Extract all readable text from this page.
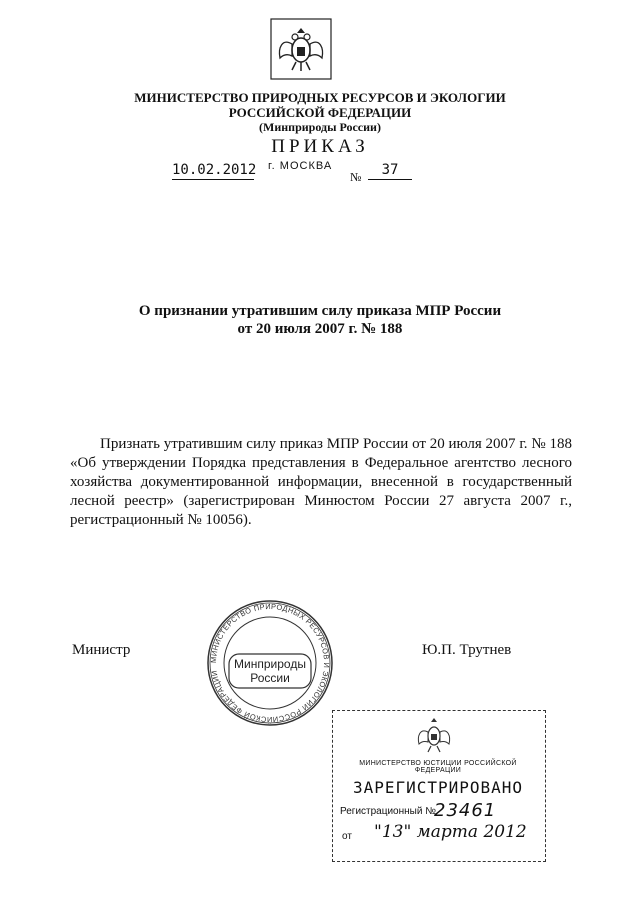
МИНИСТЕРСТВО ПРИРОДНЫХ РЕСУРСОВ И ЭКОЛОГИИ
РОССИЙСКОЙ ФЕДЕРАЦИИ
(Минприроды России)
ПРИКАЗ
10.02.2012 г. МОСКВА
№	37
О признании утратившим силу приказа МПР России
от 20 июля 2007 г. № 188
Признать утратившим силу приказ МПР России от 20 июля 2007 г. № 188 «Об утверждении Порядка представления в Федеральное агентство лесного хозяйства документированной информации, внесенной в государственный лесной реестр» (зарегистрирован Минюстом России 27 августа 2007 г., регистрационный № 10056).
Министр	Ю.П. Трутнев
МИНИСТЕРСТВО ПРИРОДНЫХ РЕСУРСОВ И ЭКОЛОГИИ РОССИЙСКОЙ ФЕДЕРАЦИИ
Минприроды
России
МИНИСТЕРСТВО ЮСТИЦИИ РОССИЙСКОЙ ФЕДЕРАЦИИ
ЗАРЕГИСТРИРОВАНО
Регистрационный №
23461
от "13" марта 2012
